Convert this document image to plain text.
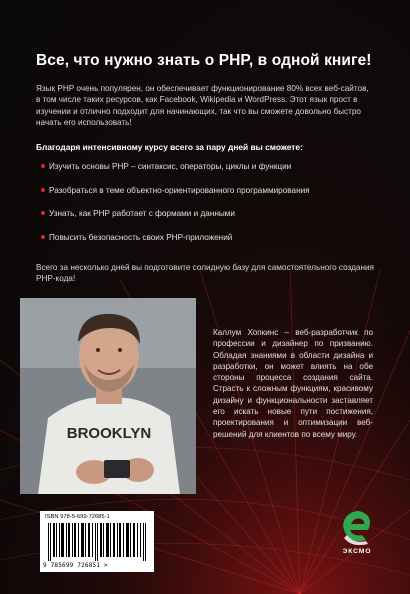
Все, что нужно знать о PHP, в одной книге!
Язык PHP очень популярен, он обеспечивает функционирование 80% всех веб-сайтов, в том числе таких ресурсов, как Facebook, Wikipedia и WordPress. Этот язык прост в изучении и отлично подходит для начинающих, так что вы сможете довольно быстро начать его использовать!
Благодаря интенсивному курсу всего за пару дней вы сможете:
Изучить основы PHP – синтаксис, операторы, циклы и функции
Разобраться в теме объектно-ориентированного программирования
Узнать, как PHP работает с формами и данными
Повысить безопасность своих PHP-приложений
Всего за несколько дней вы подготовите солидную базу для самостоятельного создания PHP-кода!
BROOKLYN
Каллум Хопкинс – веб-разработчик по профессии и дизайнер по призванию. Обладая знаниями в области дизайна и разработки, он может влиять на обе стороны процесса создания сайта. Страсть к сложным функциям, красивому дизайну и функциональности заставляет его искать новые пути постижения, проектирования и оптимизации веб-решений для клиентов по всему миру.
ISBN 978-5-699-72685-1
9 785699 726851 >
ЭКСМО
